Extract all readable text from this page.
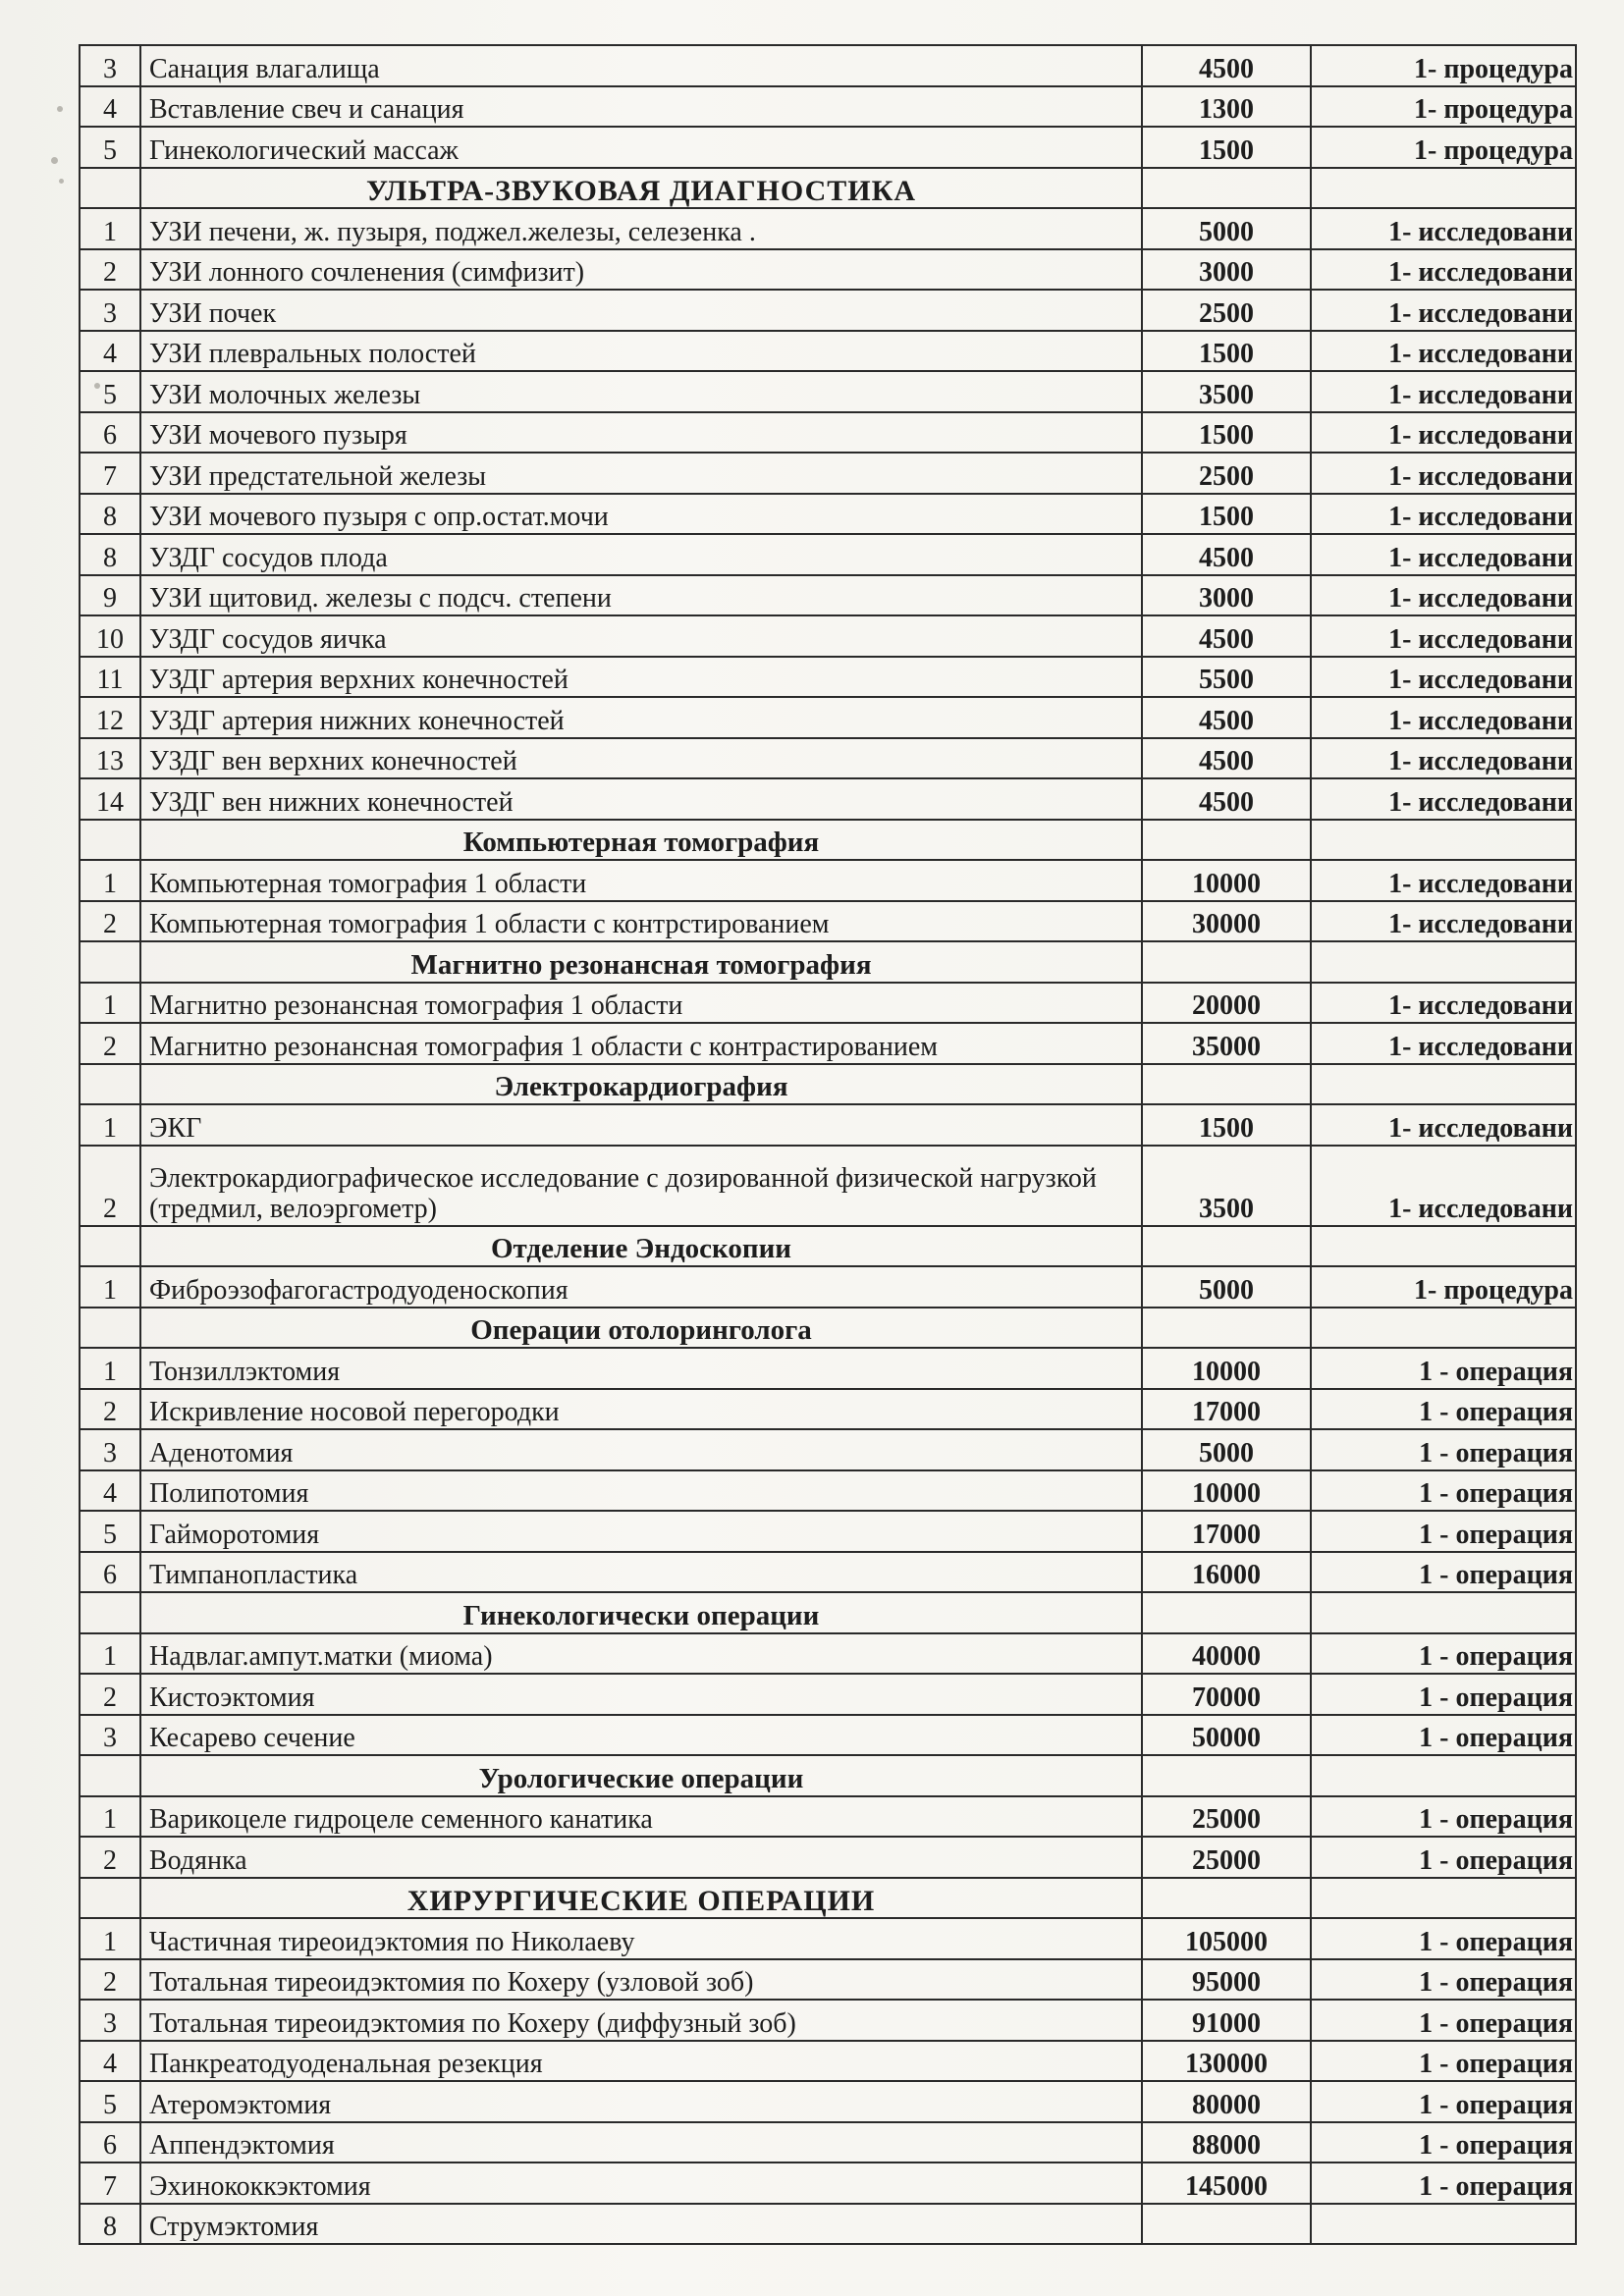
3	Санация влагалища	4500	1- процедура
4	Вставление свеч и санация	1300	1- процедура
5	Гинекологический массаж	1500	1- процедура
	УЛЬТРА-ЗВУКОВАЯ ДИАГНОСТИКА		
1	УЗИ печени, ж. пузыря, поджел.железы, селезенка .	5000	1- исследовани
2	УЗИ лонного сочленения (симфизит)	3000	1- исследовани
3	УЗИ почек	2500	1- исследовани
4	УЗИ плевральных полостей	1500	1- исследовани
5	УЗИ молочных железы	3500	1- исследовани
6	УЗИ мочевого пузыря	1500	1- исследовани
7	УЗИ предстательной железы	2500	1- исследовани
8	УЗИ мочевого пузыря с опр.остат.мочи	1500	1- исследовани
8	УЗДГ сосудов плода	4500	1- исследовани
9	УЗИ щитовид. железы с подсч. степени	3000	1- исследовани
10	УЗДГ сосудов яичка	4500	1- исследовани
11	УЗДГ артерия верхних конечностей	5500	1- исследовани
12	УЗДГ артерия нижних конечностей	4500	1- исследовани
13	УЗДГ вен верхних конечностей	4500	1- исследовани
14	УЗДГ вен нижних конечностей	4500	1- исследовани
	Компьютерная томография		
1	Компьютерная томография 1 области	10000	1- исследовани
2	Компьютерная томография 1 области с контрстированием	30000	1- исследовани
	Магнитно резонансная томография		
1	Магнитно резонансная томография 1 области	20000	1- исследовани
2	Магнитно резонансная томография 1 области с контрастированием	35000	1- исследовани
	Электрокардиография		
1	ЭКГ	1500	1- исследовани
2	Электрокардиографическое исследование с дозированной физической нагрузкой (тредмил, велоэргометр)	3500	1- исследовани
	Отделение Эндоскопии		
1	Фиброэзофагогастродуоденоскопия	5000	1- процедура
	Операции отолоринголога		
1	Тонзиллэктомия	10000	1 - операция
2	Искривление носовой перегородки	17000	1 - операция
3	Аденотомия	5000	1 - операция
4	Полипотомия	10000	1 - операция
5	Гайморотомия	17000	1 - операция
6	Тимпанопластика	16000	1 - операция
	Гинекологически операции		
1	Надвлаг.ампут.матки (миома)	40000	1 - операция
2	Кистоэктомия	70000	1 - операция
3	Кесарево сечение	50000	1 - операция
	Урологические операции		
1	Варикоцеле гидроцеле семенного канатика	25000	1 - операция
2	Водянка	25000	1 - операция
	ХИРУРГИЧЕСКИЕ ОПЕРАЦИИ		
1	Частичная тиреоидэктомия по Николаеву	105000	1 - операция
2	Тотальная тиреоидэктомия по Кохеру (узловой зоб)	95000	1 - операция
3	Тотальная тиреоидэктомия по Кохеру (диффузный зоб)	91000	1 - операция
4	Панкреатодуоденальная резекция	130000	1 - операция
5	Атеромэктомия	80000	1 - операция
6	Аппендэктомия	88000	1 - операция
7	Эхинококкэктомия	145000	1 - операция
8	Струмэктомия		
